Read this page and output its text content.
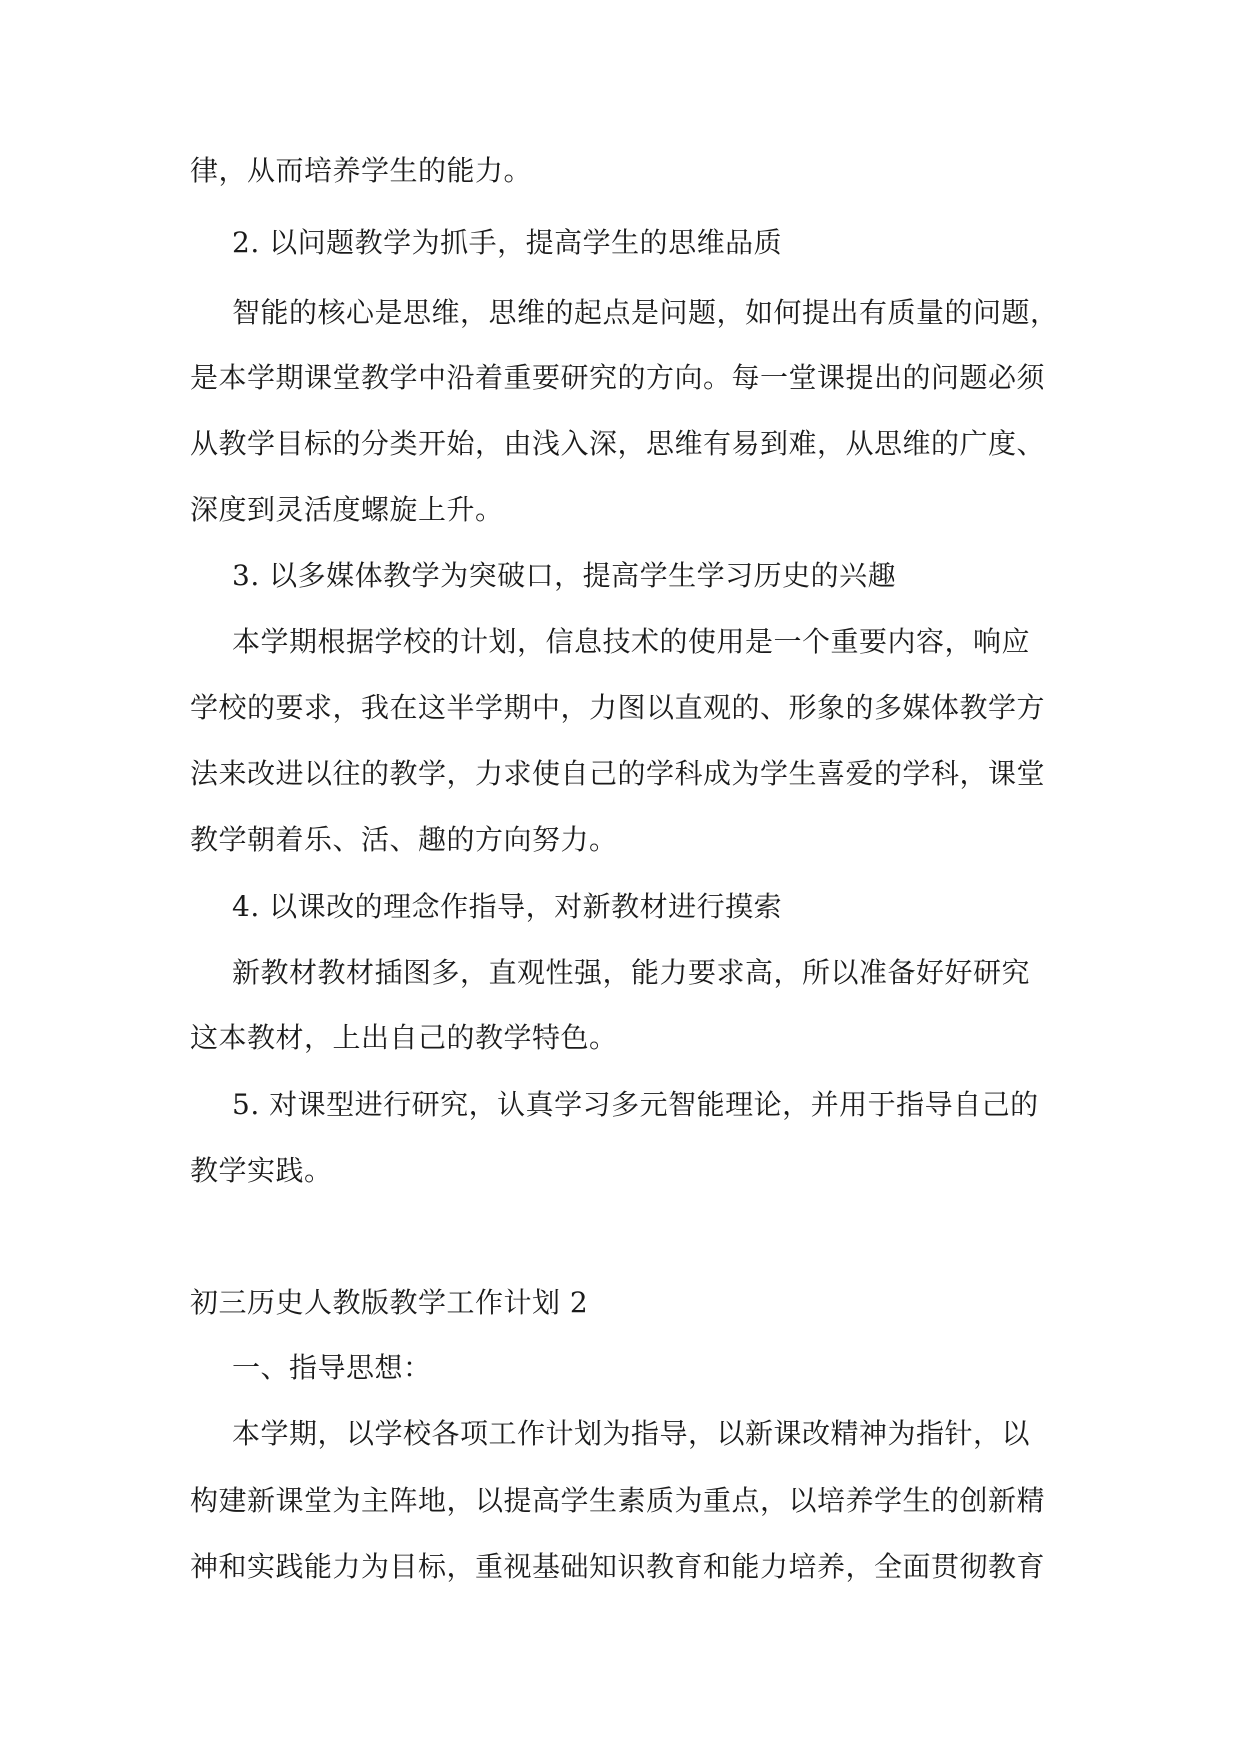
律，从而培养学生的能力。
2. 以问题教学为抓手，提高学生的思维品质
智能的核心是思维，思维的起点是问题，如何提出有质量的问题，
是本学期课堂教学中沿着重要研究的方向。每一堂课提出的问题必须
从教学目标的分类开始，由浅入深，思维有易到难，从思维的广度、
深度到灵活度螺旋上升。
3. 以多媒体教学为突破口，提高学生学习历史的兴趣
本学期根据学校的计划，信息技术的使用是一个重要内容，响应
学校的要求，我在这半学期中，力图以直观的、形象的多媒体教学方
法来改进以往的教学，力求使自己的学科成为学生喜爱的学科，课堂
教学朝着乐、活、趣的方向努力。
4. 以课改的理念作指导，对新教材进行摸索
新教材教材插图多，直观性强，能力要求高，所以准备好好研究
这本教材，上出自己的教学特色。
5. 对课型进行研究，认真学习多元智能理论，并用于指导自己的
教学实践。
初三历史人教版教学工作计划 2
一、指导思想：
本学期，以学校各项工作计划为指导，以新课改精神为指针，以
构建新课堂为主阵地，以提高学生素质为重点，以培养学生的创新精
神和实践能力为目标，重视基础知识教育和能力培养，全面贯彻教育
